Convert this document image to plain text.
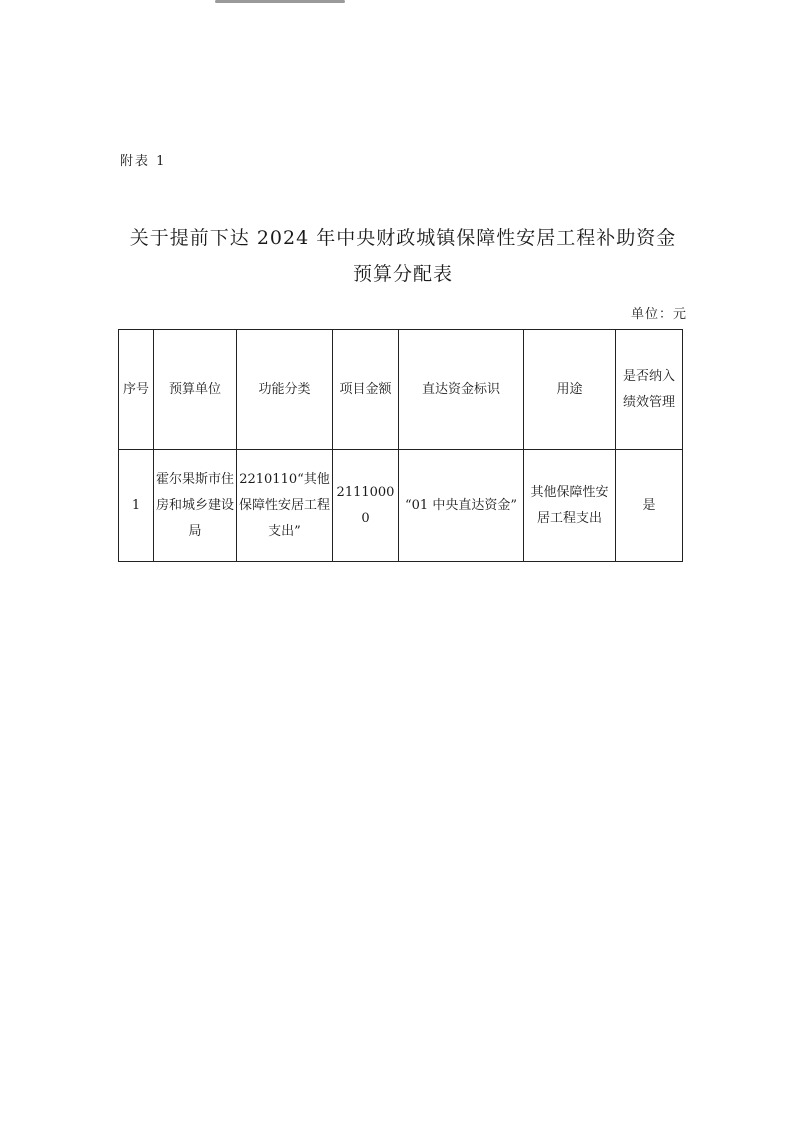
附表 1
关于提前下达 2024 年中央财政城镇保障性安居工程补助资金
预算分配表
单位：元
序号	预算单位	功能分类	项目金额	直达资金标识	用途	是否纳入绩效管理
1	霍尔果斯市住房和城乡建设局	2210110“其他保障性安居工程支出”	21110000	“01 中央直达资金”	其他保障性安居工程支出	是
